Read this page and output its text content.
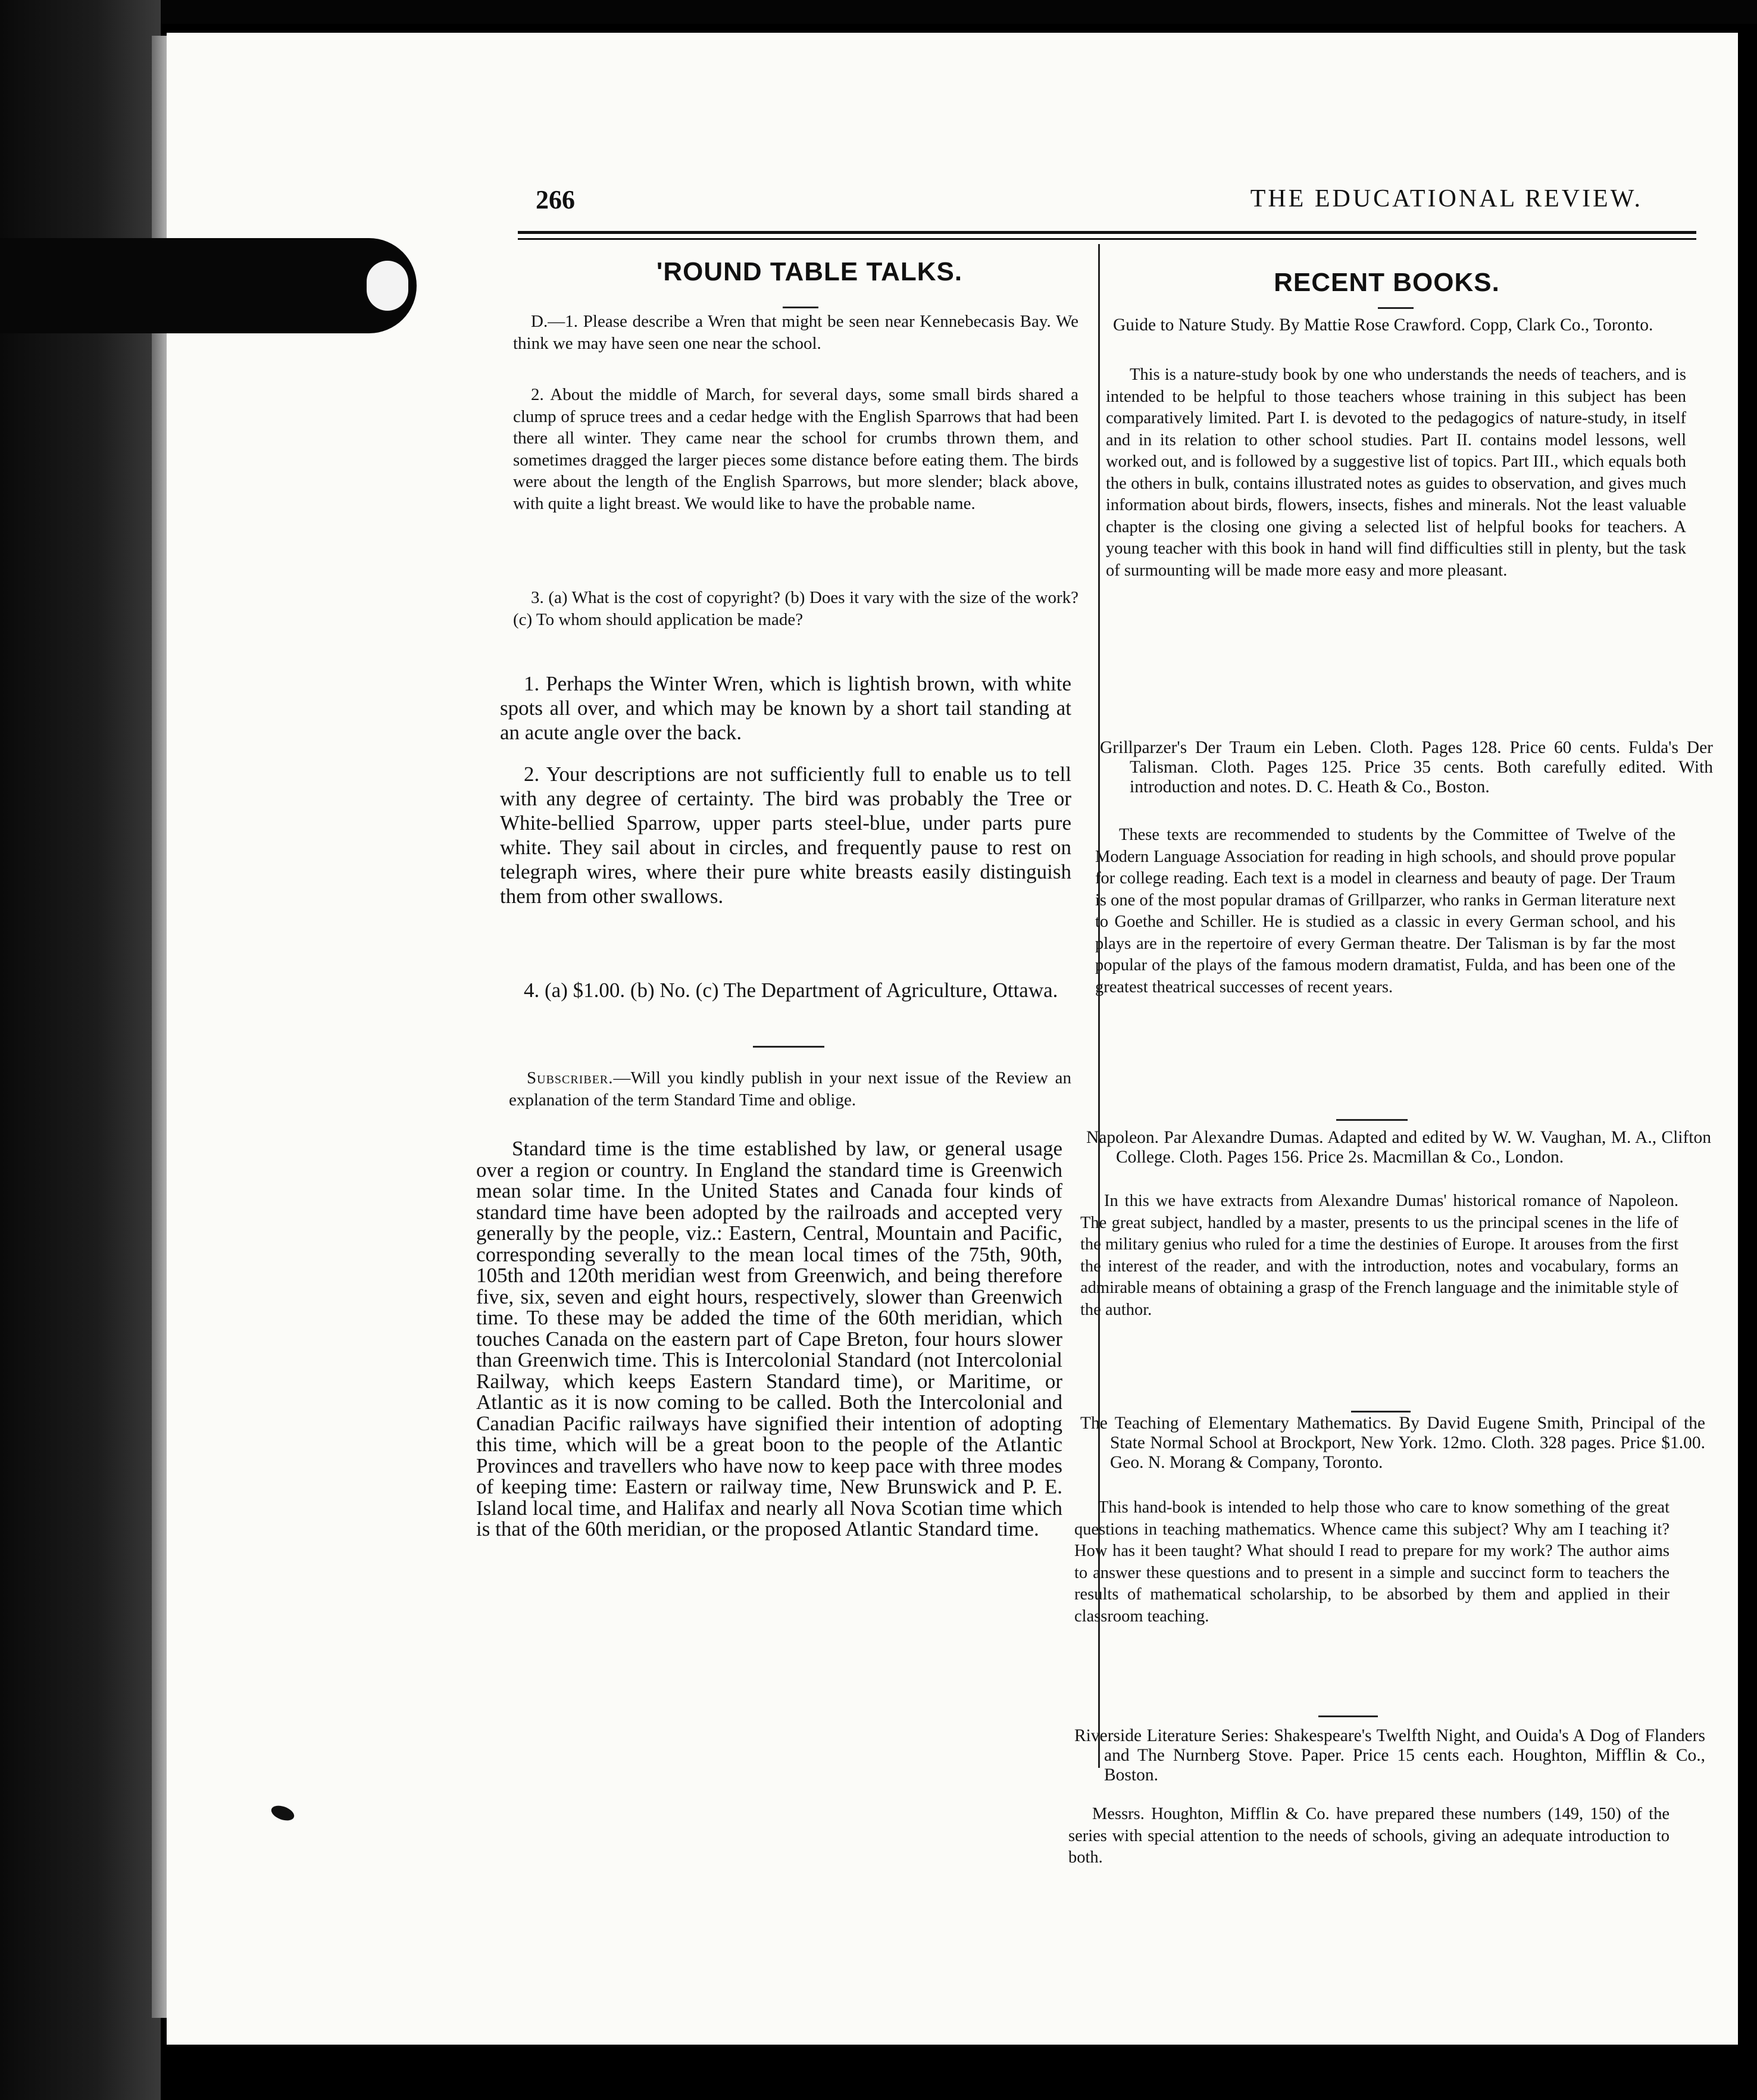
266	THE EDUCATIONAL REVIEW.
'ROUND TABLE TALKS.

D.—1. Please describe a Wren that might be seen near Kennebecasis Bay. We think we may have seen one near the school.

2. About the middle of March, for several days, some small birds shared a clump of spruce trees and a cedar hedge with the English Sparrows that had been there all winter. They came near the school for crumbs thrown them, and sometimes dragged the larger pieces some distance before eating them. The birds were about the length of the English Sparrows, but more slender; black above, with quite a light breast. We would like to have the probable name.

3. (a) What is the cost of copyright? (b) Does it vary with the size of the work? (c) To whom should application be made?

1. Perhaps the Winter Wren, which is lightish brown, with white spots all over, and which may be known by a short tail standing at an acute angle over the back.

2. Your descriptions are not sufficiently full to enable us to tell with any degree of certainty. The bird was probably the Tree or White-bellied Sparrow, upper parts steel-blue, under parts pure white. They sail about in circles, and frequently pause to rest on telegraph wires, where their pure white breasts easily distinguish them from other swallows.

4. (a) $1.00. (b) No. (c) The Department of Agriculture, Ottawa.

Subscriber.—Will you kindly publish in your next issue of the Review an explanation of the term Standard Time and oblige.

Standard time is the time established by law, or general usage over a region or country. In England the standard time is Greenwich mean solar time. In the United States and Canada four kinds of standard time have been adopted by the railroads and accepted very generally by the people, viz.: Eastern, Central, Mountain and Pacific, corresponding severally to the mean local times of the 75th, 90th, 105th and 120th meridian west from Greenwich, and being therefore five, six, seven and eight hours, respectively, slower than Greenwich time. To these may be added the time of the 60th meridian, which touches Canada on the eastern part of Cape Breton, four hours slower than Greenwich time. This is Intercolonial Standard (not Intercolonial Railway, which keeps Eastern Standard time), or Maritime, or Atlantic as it is now coming to be called. Both the Intercolonial and Canadian Pacific railways have signified their intention of adopting this time, which will be a great boon to the people of the Atlantic Provinces and travellers who have now to keep pace with three modes of keeping time: Eastern or railway time, New Brunswick and P. E. Island local time, and Halifax and nearly all Nova Scotian time which is that of the 60th meridian, or the proposed Atlantic Standard time.

RECENT BOOKS.

Guide to Nature Study. By Mattie Rose Crawford. Copp, Clark Co., Toronto.

This is a nature-study book by one who understands the needs of teachers, and is intended to be helpful to those teachers whose training in this subject has been comparatively limited. Part I. is devoted to the pedagogics of nature-study, in itself and in its relation to other school studies. Part II. contains model lessons, well worked out, and is followed by a suggestive list of topics. Part III., which equals both the others in bulk, contains illustrated notes as guides to observation, and gives much information about birds, flowers, insects, fishes and minerals. Not the least valuable chapter is the closing one giving a selected list of helpful books for teachers. A young teacher with this book in hand will find difficulties still in plenty, but the task of surmounting will be made more easy and more pleasant.

Grillparzer's Der Traum ein Leben. Cloth. Pages 128. Price 60 cents. Fulda's Der Talisman. Cloth. Pages 125. Price 35 cents. Both carefully edited. With introduction and notes. D. C. Heath & Co., Boston.

These texts are recommended to students by the Committee of Twelve of the Modern Language Association for reading in high schools, and should prove popular for college reading. Each text is a model in clearness and beauty of page. Der Traum is one of the most popular dramas of Grillparzer, who ranks in German literature next to Goethe and Schiller. He is studied as a classic in every German school, and his plays are in the repertoire of every German theatre. Der Talisman is by far the most popular of the plays of the famous modern dramatist, Fulda, and has been one of the greatest theatrical successes of recent years.

Napoleon. Par Alexandre Dumas. Adapted and edited by W. W. Vaughan, M. A., Clifton College. Cloth. Pages 156. Price 2s. Macmillan & Co., London.

In this we have extracts from Alexandre Dumas' historical romance of Napoleon. The great subject, handled by a master, presents to us the principal scenes in the life of the military genius who ruled for a time the destinies of Europe. It arouses from the first the interest of the reader, and with the introduction, notes and vocabulary, forms an admirable means of obtaining a grasp of the French language and the inimitable style of the author.

The Teaching of Elementary Mathematics. By David Eugene Smith, Principal of the State Normal School at Brockport, New York. 12mo. Cloth. 328 pages. Price $1.00. Geo. N. Morang & Company, Toronto.

This hand-book is intended to help those who care to know something of the great questions in teaching mathematics. Whence came this subject? Why am I teaching it? How has it been taught? What should I read to prepare for my work? The author aims to answer these questions and to present in a simple and succinct form to teachers the results of mathematical scholarship, to be absorbed by them and applied in their classroom teaching.

Riverside Literature Series: Shakespeare's Twelfth Night, and Ouida's A Dog of Flanders and The Nurnberg Stove. Paper. Price 15 cents each. Houghton, Mifflin & Co., Boston.

Messrs. Houghton, Mifflin & Co. have prepared these numbers (149, 150) of the series with special attention to the needs of schools, giving an adequate introduction to both.
